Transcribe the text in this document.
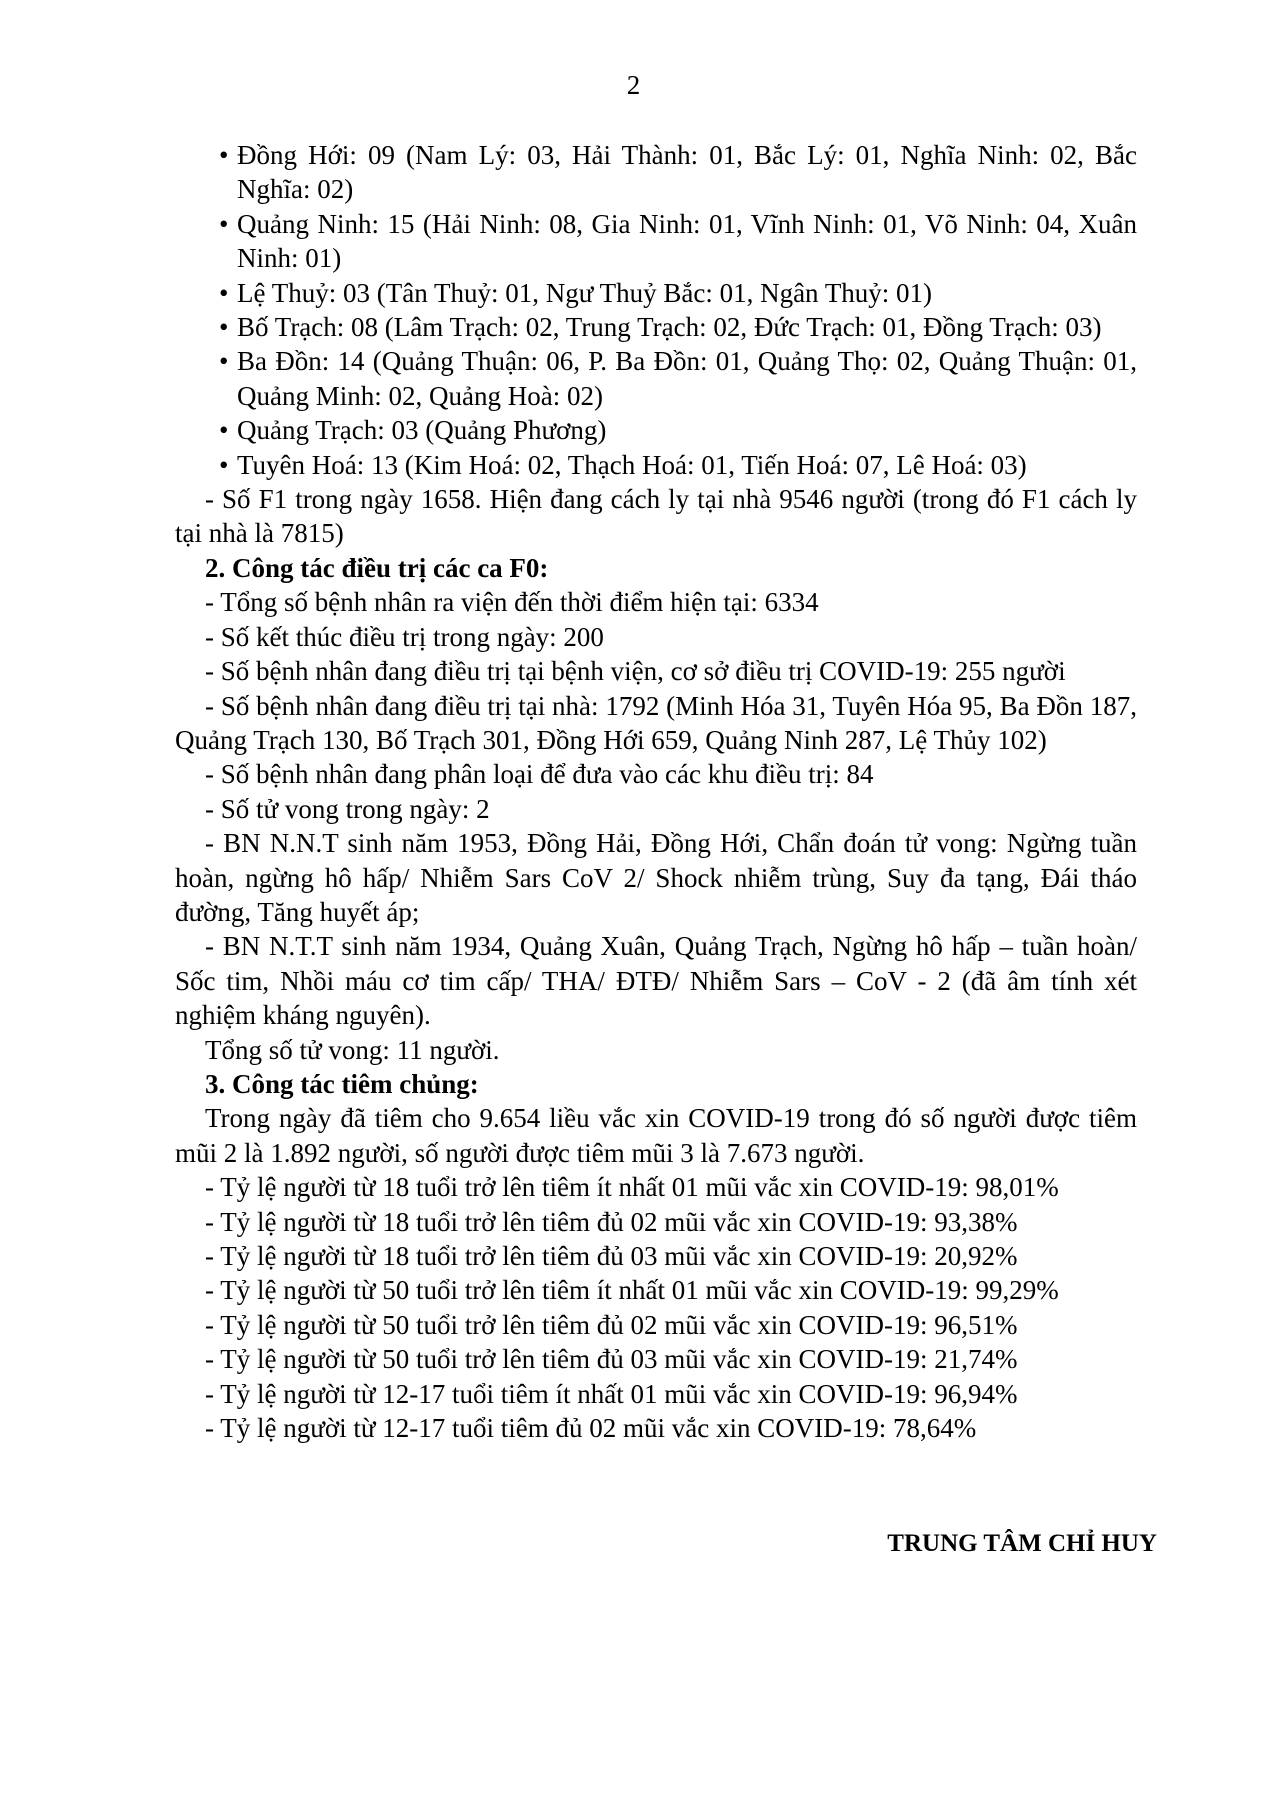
2
• Đồng Hới: 09 (Nam Lý: 03, Hải Thành: 01, Bắc Lý: 01, Nghĩa Ninh: 02, Bắc Nghĩa: 02)
• Quảng Ninh: 15 (Hải Ninh: 08, Gia Ninh: 01, Vĩnh Ninh: 01, Võ Ninh: 04, Xuân Ninh: 01)
• Lệ Thuỷ: 03 (Tân Thuỷ: 01, Ngư Thuỷ Bắc: 01, Ngân Thuỷ: 01)
• Bố Trạch: 08 (Lâm Trạch: 02, Trung Trạch: 02, Đức Trạch: 01, Đồng Trạch: 03)
• Ba Đồn: 14 (Quảng Thuận: 06, P. Ba Đồn: 01, Quảng Thọ: 02, Quảng Thuận: 01, Quảng Minh: 02, Quảng Hoà: 02)
• Quảng Trạch: 03 (Quảng Phương)
• Tuyên Hoá: 13 (Kim Hoá: 02, Thạch Hoá: 01, Tiến Hoá: 07, Lê Hoá: 03)

- Số F1 trong ngày 1658. Hiện đang cách ly tại nhà 9546 người (trong đó F1 cách ly tại nhà là 7815)

2. Công tác điều trị các ca F0:

- Tổng số bệnh nhân ra viện đến thời điểm hiện tại: 6334

- Số kết thúc điều trị trong ngày: 200

- Số bệnh nhân đang điều trị tại bệnh viện, cơ sở điều trị COVID-19: 255 người

- Số bệnh nhân đang điều trị tại nhà: 1792 (Minh Hóa 31, Tuyên Hóa 95, Ba Đồn 187, Quảng Trạch 130, Bố Trạch 301, Đồng Hới 659, Quảng Ninh 287, Lệ Thủy 102)

- Số bệnh nhân đang phân loại để đưa vào các khu điều trị: 84

- Số tử vong trong ngày: 2

- BN N.N.T sinh năm 1953, Đồng Hải, Đồng Hới, Chẩn đoán tử vong: Ngừng tuần hoàn, ngừng hô hấp/ Nhiễm Sars CoV 2/ Shock nhiễm trùng, Suy đa tạng, Đái tháo đường, Tăng huyết áp;

- BN N.T.T sinh năm 1934, Quảng Xuân, Quảng Trạch, Ngừng hô hấp – tuần hoàn/ Sốc tim, Nhồi máu cơ tim cấp/ THA/ ĐTĐ/ Nhiễm Sars – CoV - 2 (đã âm tính xét nghiệm kháng nguyên).

Tổng số tử vong: 11 người.

3. Công tác tiêm chủng:

Trong ngày đã tiêm cho 9.654 liều vắc xin COVID-19 trong đó số người được tiêm mũi 2 là 1.892 người, số người được tiêm mũi 3 là 7.673 người.

- Tỷ lệ người từ 18 tuổi trở lên tiêm ít nhất 01 mũi vắc xin COVID-19: 98,01%

- Tỷ lệ người từ 18 tuổi trở lên tiêm đủ 02 mũi vắc xin COVID-19: 93,38%

- Tỷ lệ người từ 18 tuổi trở lên tiêm đủ 03 mũi vắc xin COVID-19: 20,92%

- Tỷ lệ người từ 50 tuổi trở lên tiêm ít nhất 01 mũi vắc xin COVID-19: 99,29%

- Tỷ lệ người từ 50 tuổi trở lên tiêm đủ 02 mũi vắc xin COVID-19: 96,51%

- Tỷ lệ người từ 50 tuổi trở lên tiêm đủ 03 mũi vắc xin COVID-19: 21,74%

- Tỷ lệ người từ 12-17 tuổi tiêm ít nhất 01 mũi vắc xin COVID-19: 96,94%

- Tỷ lệ người từ 12-17 tuổi tiêm đủ 02 mũi vắc xin COVID-19: 78,64%

TRUNG TÂM CHỈ HUY
